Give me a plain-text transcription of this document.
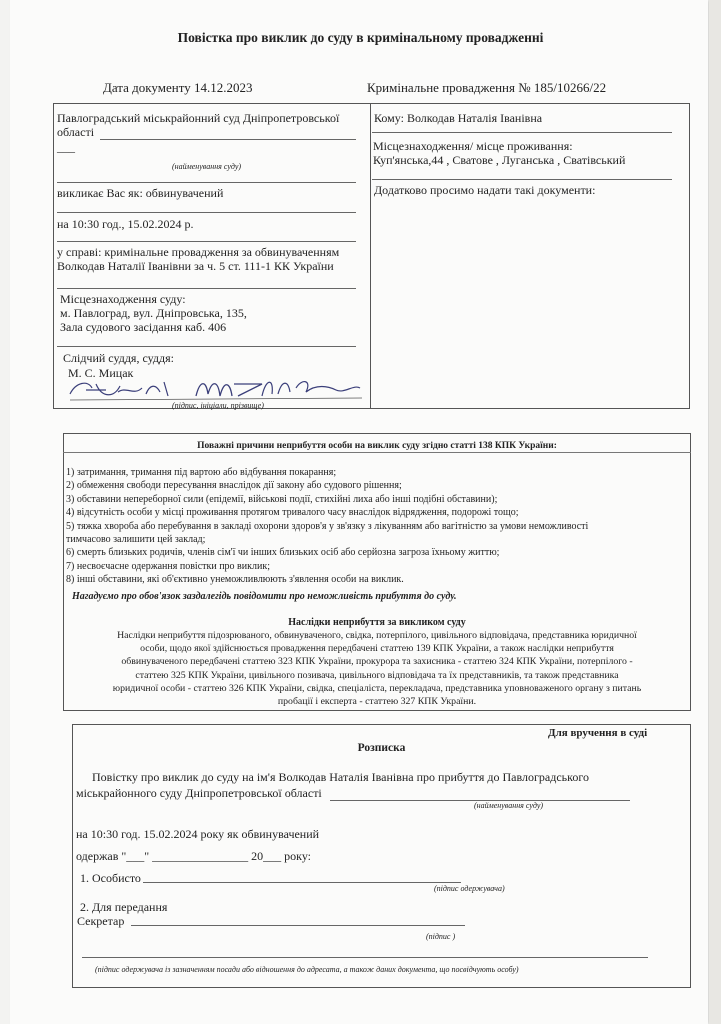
Повістка про виклик до суду в кримінальному провадженні
Дата документу 14.12.2023	Кримінальне провадження № 185/10266/22
Павлоградський міськрайонний суд Дніпропетровської
області
___
(найменування суду)
викликає Вас як: обвинувачений
на 10:30 год., 15.02.2024 р.
у справі: кримінальне провадження за обвинуваченням
Волкодав Наталії Іванівни за ч. 5 ст. 111-1 КК України
Місцезнаходження суду:
м. Павлоград, вул. Дніпровська, 135,
Зала судового засідання каб. 406
Слідчий суддя, суддя:
М. С. Мицак
(підпис, ініціали, прізвище)
Кому: Волкодав Наталія Іванівна
Місцезнаходження/ місце проживання:
Куп'янська,44 , Сватове , Луганська , Сватівський
Додатково просимо надати такі документи:
Поважні причини неприбуття особи на виклик суду згідно статті 138 КПК України:
1) затримання, тримання під вартою або відбування покарання;
2) обмеження свободи пересування внаслідок дії закону або судового рішення;
3) обставини непереборної сили (епідемії, військові події, стихійні лиха або інші подібні обставини);
4) відсутність особи у місці проживання протягом тривалого часу внаслідок відрядження, подорожі тощо;
5) тяжка хвороба або перебування в закладі охорони здоров'я у зв'язку з лікуванням або вагітністю за умови неможливості
тимчасово залишити цей заклад;
6) смерть близьких родичів, членів сім'ї чи інших близьких осіб або серйозна загроза їхньому життю;
7) несвоєчасне одержання повістки про виклик;
8) інші обставини, які об'єктивно унеможливлюють з'явлення особи на виклик.
Нагадуємо про обов'язок заздалегідь повідомити про неможливість прибуття до суду.
Наслідки неприбуття за викликом суду
Наслідки неприбуття підозрюваного, обвинуваченого, свідка, потерпілого, цивільного відповідача, представника юридичної
особи, щодо якої здійснюється провадження передбачені статтею 139 КПК України, а також наслідки неприбуття
обвинуваченого передбачені статтею 323 КПК України, прокурора та захисника - статтею 324 КПК України, потерпілого -
статтею 325 КПК України, цивільного позивача, цивільного відповідача та їх представників, та також представника
юридичної особи - статтею 326 КПК України, свідка, спеціаліста, перекладача, представника уповноваженого органу з питань
пробації і експерта - статтею 327 КПК України.
Для вручення в суді
Розписка
Повістку про виклик до суду на ім'я Волкодав Наталія Іванівна про прибуття до Павлоградського
міськрайонного суду Дніпропетровської області
(найменування суду)
на 10:30 год. 15.02.2024 року як обвинувачений
одержав "___" ________________ 20___ року:
1. Особисто
(підпис одержувача)
2. Для передання
Секретар
(підпис )
(підпис одержувача із зазначенням посади або відношення до адресата, а також даних документа, що посвідчують особу)
